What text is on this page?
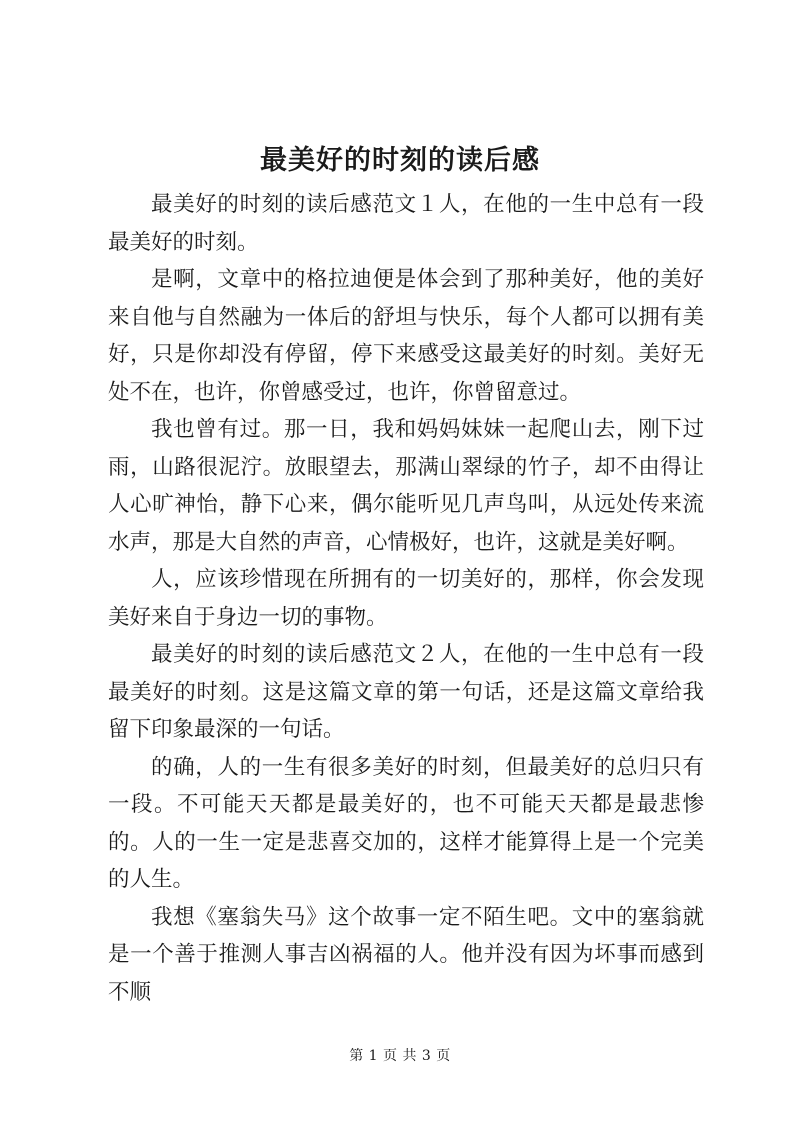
最美好的时刻的读后感

最美好的时刻的读后感范文１人，在他的一生中总有一段最美好的时刻。

是啊，文章中的格拉迪便是体会到了那种美好，他的美好来自他与自然融为一体后的舒坦与快乐，每个人都可以拥有美好，只是你却没有停留，停下来感受这最美好的时刻。美好无处不在，也许，你曾感受过，也许，你曾留意过。

我也曾有过。那一日，我和妈妈妹妹一起爬山去，刚下过雨，山路很泥泞。放眼望去，那满山翠绿的竹子，却不由得让人心旷神怡，静下心来，偶尔能听见几声鸟叫，从远处传来流水声，那是大自然的声音，心情极好，也许，这就是美好啊。

人，应该珍惜现在所拥有的一切美好的，那样，你会发现美好来自于身边一切的事物。

最美好的时刻的读后感范文２人，在他的一生中总有一段最美好的时刻。这是这篇文章的第一句话，还是这篇文章给我留下印象最深的一句话。

的确，人的一生有很多美好的时刻，但最美好的总归只有一段。不可能天天都是最美好的，也不可能天天都是最悲惨的。人的一生一定是悲喜交加的，这样才能算得上是一个完美的人生。

我想《塞翁失马》这个故事一定不陌生吧。文中的塞翁就是一个善于推测人事吉凶祸福的人。他并没有因为坏事而感到不顺

第 1 页 共 3 页
